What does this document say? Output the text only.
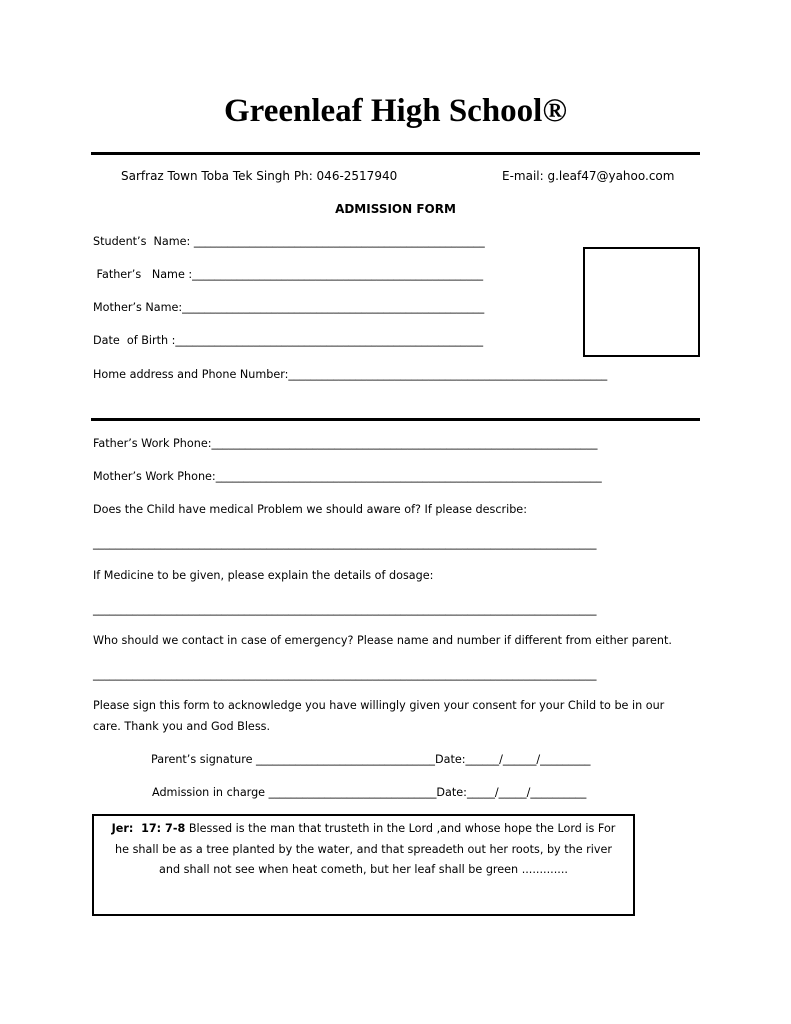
Greenleaf High School®
Sarfraz Town Toba Tek Singh Ph: 046-2517940	E-mail: g.leaf47@yahoo.com
ADMISSION FORM
Student’s  Name: ____________________________________________________
Father’s   Name :____________________________________________________
Mother’s Name:______________________________________________________
Date  of Birth :_______________________________________________________
Home address and Phone Number:_________________________________________________________
Father’s Work Phone:_____________________________________________________________________
Mother’s Work Phone:_____________________________________________________________________
Does the Child have medical Problem we should aware of? If please describe:
__________________________________________________________________________________________
If Medicine to be given, please explain the details of dosage:
__________________________________________________________________________________________
Who should we contact in case of emergency? Please name and number if different from either parent.
__________________________________________________________________________________________
Please sign this form to acknowledge you have willingly given your consent for your Child to be in our
care. Thank you and God Bless.
Parent’s signature ________________________________Date:______/______/_________
Admission in charge ______________________________Date:_____/_____/__________
Jer:  17: 7-8 Blessed is the man that trusteth in the Lord ,and whose hope the Lord is For
he shall be as a tree planted by the water, and that spreadeth out her roots, by the river
and shall not see when heat cometh, but her leaf shall be green .............
